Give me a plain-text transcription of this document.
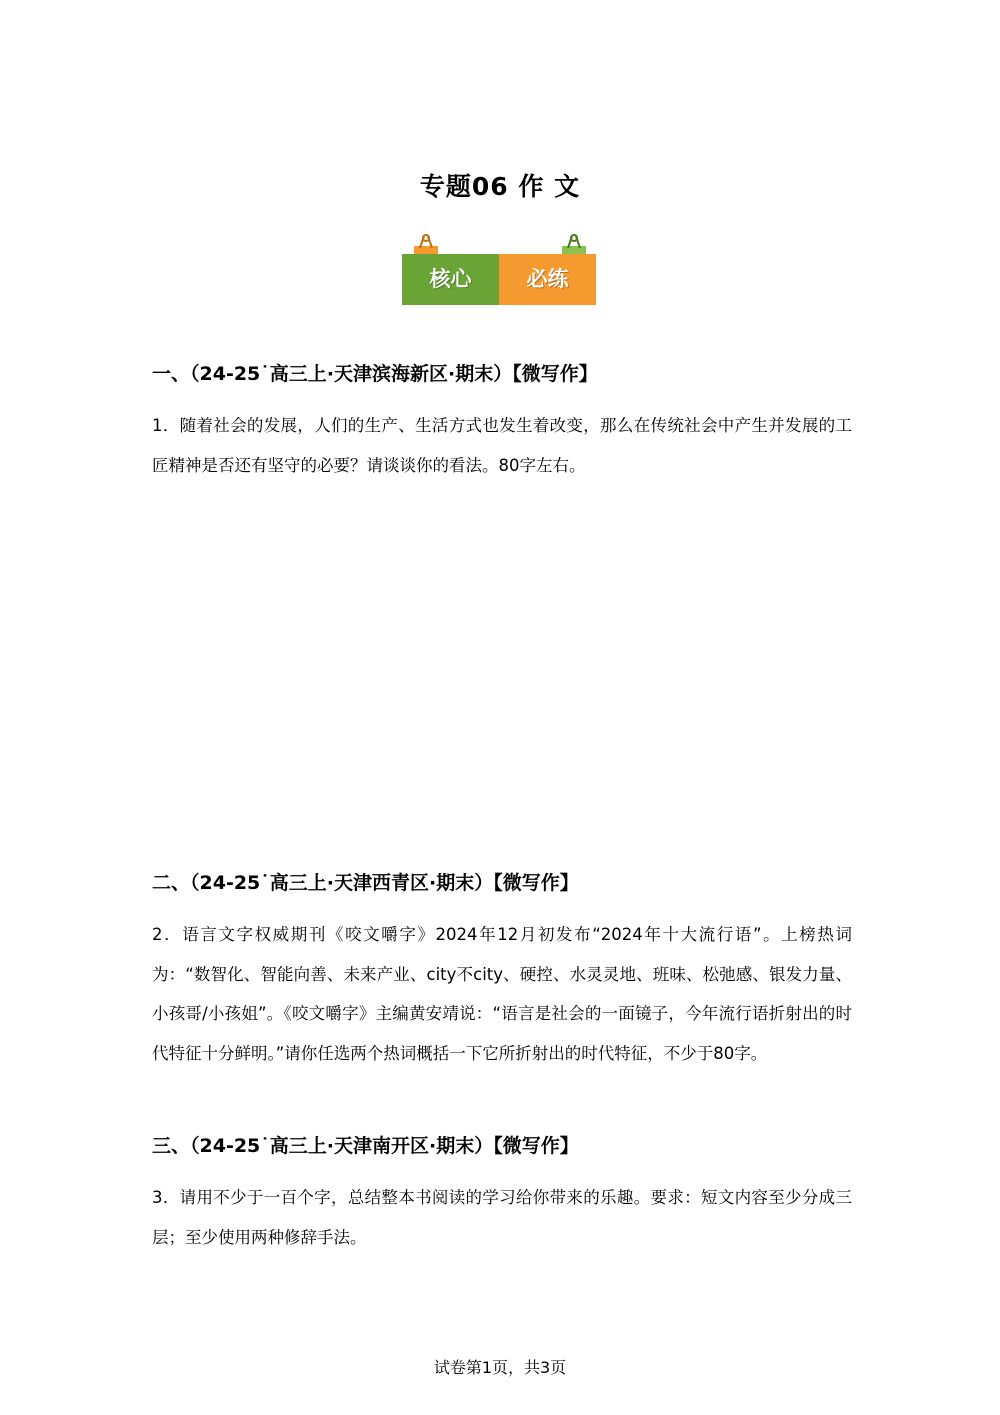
专题06 作 文
核心	必练
一、（24-25˙高三上·天津滨海新区·期末）【微写作】
1．随着社会的发展，人们的生产、生活方式也发生着改变，那么在传统社会中产生并发展的工匠精神是否还有坚守的必要？请谈谈你的看法。80字左右。
二、（24-25˙高三上·天津西青区·期末）【微写作】
2．语言文字权威期刊《咬文嚼字》2024年12月初发布“2024年十大流行语”。上榜热词为：“数智化、智能向善、未来产业、city不city、硬控、水灵灵地、班味、松弛感、银发力量、小孩哥/小孩姐”。《咬文嚼字》主编黄安靖说：“语言是社会的一面镜子，今年流行语折射出的时代特征十分鲜明。”请你任选两个热词概括一下它所折射出的时代特征，不少于80字。
三、（24-25˙高三上·天津南开区·期末）【微写作】
3．请用不少于一百个字，总结整本书阅读的学习给你带来的乐趣。要求：短文内容至少分成三层；至少使用两种修辞手法。
试卷第1页，共3页
